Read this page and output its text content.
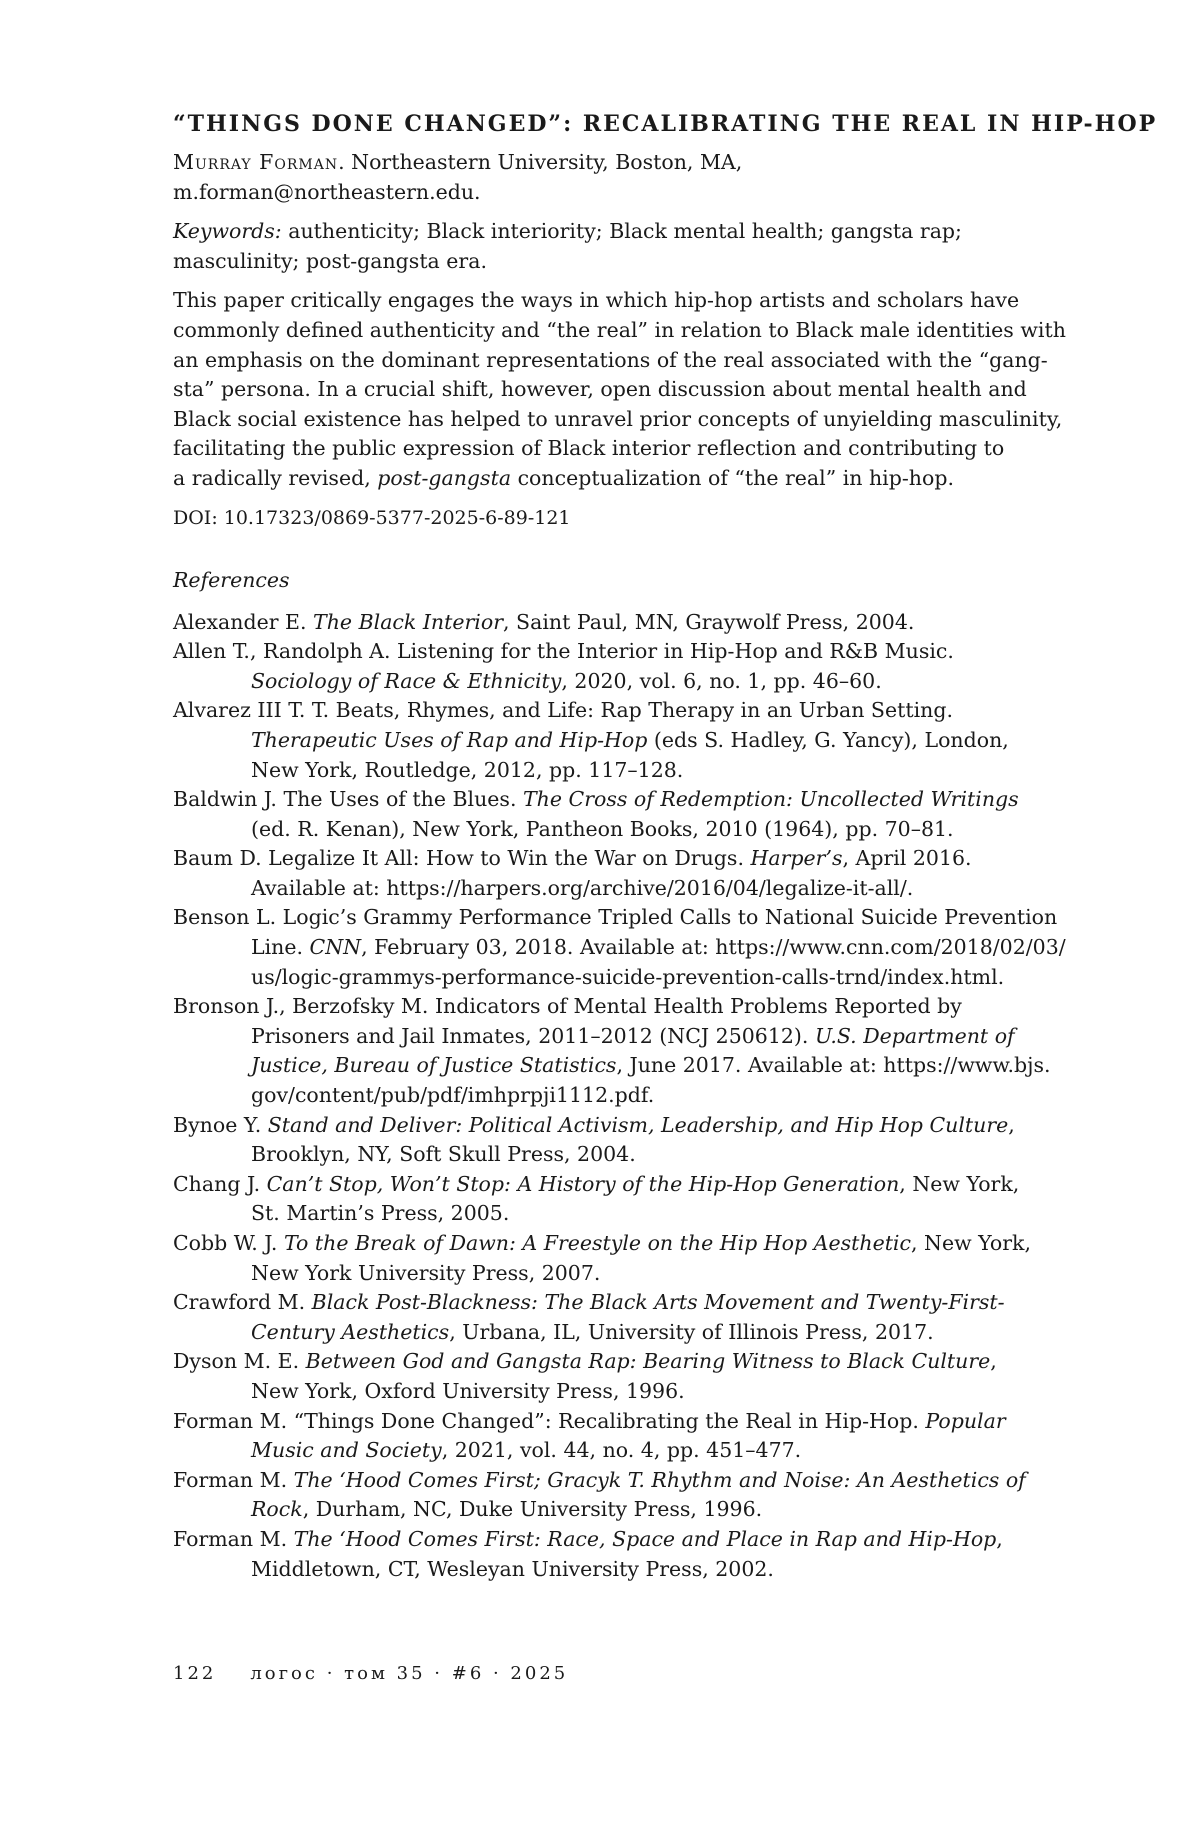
“THINGS DONE CHANGED”: RECALIBRATING THE REAL IN HIP-HOP

Murray Forman. Northeastern University, Boston, MA,
m.forman@northeastern.edu.

Keywords: authenticity; Black interiority; Black mental health; gangsta rap;
masculinity; post-gangsta era.

This paper critically engages the ways in which hip-hop artists and scholars have
commonly defined authenticity and “the real” in relation to Black male identities with
an emphasis on the dominant representations of the real associated with the “gang-
sta” persona. In a crucial shift, however, open discussion about mental health and
Black social existence has helped to unravel prior concepts of unyielding masculinity,
facilitating the public expression of Black interior reflection and contributing to
a radically revised, post-gangsta conceptualization of “the real” in hip-hop.

DOI: 10.17323/0869-5377-2025-6-89-121

References
Alexander E. The Black Interior, Saint Paul, MN, Graywolf Press, 2004.
Allen T., Randolph A. Listening for the Interior in Hip-Hop and R&B Music.
Sociology of Race & Ethnicity, 2020, vol. 6, no. 1, pp. 46–60.
Alvarez III T. T. Beats, Rhymes, and Life: Rap Therapy in an Urban Setting.
Therapeutic Uses of Rap and Hip-Hop (eds S. Hadley, G. Yancy), London,
New York, Routledge, 2012, pp. 117–128.
Baldwin J. The Uses of the Blues. The Cross of Redemption: Uncollected Writings
(ed. R. Kenan), New York, Pantheon Books, 2010 (1964), pp. 70–81.
Baum D. Legalize It All: How to Win the War on Drugs. Harper’s, April 2016.
Available at: https://harpers.org/archive/2016/04/legalize-it-all/.
Benson L. Logic’s Grammy Performance Tripled Calls to National Suicide Prevention
Line. CNN, February 03, 2018. Available at: https://www.cnn.com/2018/02/03/
us/logic-grammys-performance-suicide-prevention-calls-trnd/index.html.
Bronson J., Berzofsky M. Indicators of Mental Health Problems Reported by
Prisoners and Jail Inmates, 2011–2012 (NCJ 250612). U.S. Department of
Justice, Bureau of Justice Statistics, June 2017. Available at: https://www.bjs.
gov/content/pub/pdf/imhprpji1112.pdf.
Bynoe Y. Stand and Deliver: Political Activism, Leadership, and Hip Hop Culture,
Brooklyn, NY, Soft Skull Press, 2004.
Chang J. Can’t Stop, Won’t Stop: A History of the Hip-Hop Generation, New York,
St. Martin’s Press, 2005.
Cobb W. J. To the Break of Dawn: A Freestyle on the Hip Hop Aesthetic, New York,
New York University Press, 2007.
Crawford M. Black Post-Blackness: The Black Arts Movement and Twenty-First-
Century Aesthetics, Urbana, IL, University of Illinois Press, 2017.
Dyson M. E. Between God and Gangsta Rap: Bearing Witness to Black Culture,
New York, Oxford University Press, 1996.
Forman M. “Things Done Changed”: Recalibrating the Real in Hip-Hop. Popular
Music and Society, 2021, vol. 44, no. 4, pp. 451–477.
Forman M. The ‘Hood Comes First; Gracyk T. Rhythm and Noise: An Aesthetics of
Rock, Durham, NC, Duke University Press, 1996.
Forman M. The ‘Hood Comes First: Race, Space and Place in Rap and Hip-Hop,
Middletown, CT, Wesleyan University Press, 2002.
122 логос · том 35 · #6 · 2025
